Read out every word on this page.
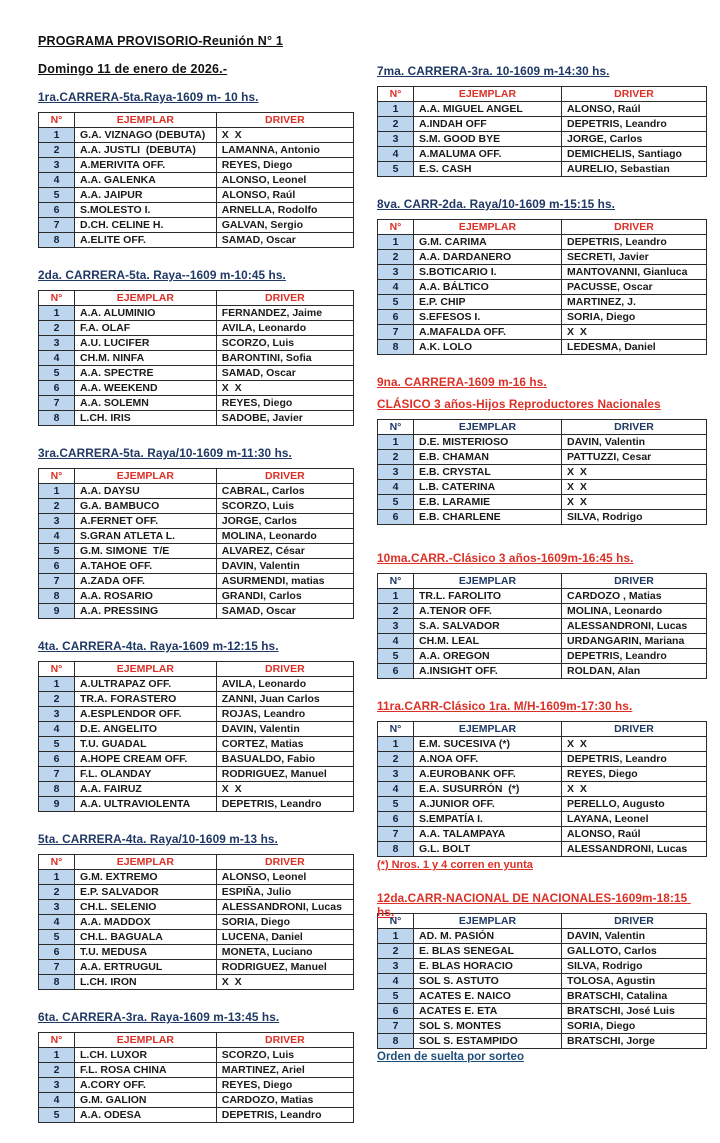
PROGRAMA PROVISORIO-Reunión N° 1
Domingo 11 de enero de 2026.-
1ra.CARRERA-5ta.Raya-1609 m- 10 hs.
N°	EJEMPLAR	DRIVER
1	G.A. VIZNAGO (DEBUTA)	X  X
2	A.A. JUSTLI  (DEBUTA)	LAMANNA, Antonio
3	A.MERIVITA OFF.	REYES, Diego
4	A.A. GALENKA	ALONSO, Leonel
5	A.A. JAIPUR	ALONSO, Raúl
6	S.MOLESTO I.	ARNELLA, Rodolfo
7	D.CH. CELINE H.	GALVAN, Sergio
8	A.ELITE OFF.	SAMAD, Oscar
2da. CARRERA-5ta. Raya--1609 m-10:45 hs.
N°	EJEMPLAR	DRIVER
1	A.A. ALUMINIO	FERNANDEZ, Jaime
2	F.A. OLAF	AVILA, Leonardo
3	A.U. LUCIFER	SCORZO, Luis
4	CH.M. NINFA	BARONTINI, Sofia
5	A.A. SPECTRE	SAMAD, Oscar
6	A.A. WEEKEND	X  X
7	A.A. SOLEMN	REYES, Diego
8	L.CH. IRIS	SADOBE, Javier
3ra.CARRERA-5ta. Raya/10-1609 m-11:30 hs.
N°	EJEMPLAR	DRIVER
1	A.A. DAYSU	CABRAL, Carlos
2	G.A. BAMBUCO	SCORZO, Luis
3	A.FERNET OFF.	JORGE, Carlos
4	S.GRAN ATLETA L.	MOLINA, Leonardo
5	G.M. SIMONE  T/E	ALVAREZ, César
6	A.TAHOE OFF.	DAVIN, Valentin
7	A.ZADA OFF.	ASURMENDI, matias
8	A.A. ROSARIO	GRANDI, Carlos
9	A.A. PRESSING	SAMAD, Oscar
4ta. CARRERA-4ta. Raya-1609 m-12:15 hs.
N°	EJEMPLAR	DRIVER
1	A.ULTRAPAZ OFF.	AVILA, Leonardo
2	TR.A. FORASTERO	ZANNI, Juan Carlos
3	A.ESPLENDOR OFF.	ROJAS, Leandro
4	D.E. ANGELITO	DAVIN, Valentin
5	T.U. GUADAL	CORTEZ, Matias
6	A.HOPE CREAM OFF.	BASUALDO, Fabio
7	F.L. OLANDAY	RODRIGUEZ, Manuel
8	A.A. FAIRUZ	X  X
9	A.A. ULTRAVIOLENTA	DEPETRIS, Leandro
5ta. CARRERA-4ta. Raya/10-1609 m-13 hs.
N°	EJEMPLAR	DRIVER
1	G.M. EXTREMO	ALONSO, Leonel
2	E.P. SALVADOR	ESPIÑA, Julio
3	CH.L. SELENIO	ALESSANDRONI, Lucas
4	A.A. MADDOX	SORIA, Diego
5	CH.L. BAGUALA	LUCENA, Daniel
6	T.U. MEDUSA	MONETA, Luciano
7	A.A. ERTRUGUL	RODRIGUEZ, Manuel
8	L.CH. IRON	X  X
6ta. CARRERA-3ra. Raya-1609 m-13:45 hs.
N°	EJEMPLAR	DRIVER
1	L.CH. LUXOR	SCORZO, Luis
2	F.L. ROSA CHINA	MARTINEZ, Ariel
3	A.CORY OFF.	REYES, Diego
4	G.M. GALION	CARDOZO, Matias
5	A.A. ODESA	DEPETRIS, Leandro
7ma. CARRERA-3ra. 10-1609 m-14:30 hs.
N°	EJEMPLAR	DRIVER
1	A.A. MIGUEL ANGEL	ALONSO, Raúl
2	A.INDAH OFF	DEPETRIS, Leandro
3	S.M. GOOD BYE	JORGE, Carlos
4	A.MALUMA OFF.	DEMICHELIS, Santiago
5	E.S. CASH	AURELIO, Sebastian
8va. CARR-2da. Raya/10-1609 m-15:15 hs.
N°	EJEMPLAR	DRIVER
1	G.M. CARIMA	DEPETRIS, Leandro
2	A.A. DARDANERO	SECRETI, Javier
3	S.BOTICARIO I.	MANTOVANNI, Gianluca
4	A.A. BÁLTICO	PACUSSE, Oscar
5	E.P. CHIP	MARTINEZ, J.
6	S.EFESOS I.	SORIA, Diego
7	A.MAFALDA OFF.	X  X
8	A.K. LOLO	LEDESMA, Daniel
9na. CARRERA-1609 m-16 hs.
CLÁSICO 3 años-Hijos Reproductores Nacionales
N°	EJEMPLAR	DRIVER
1	D.E. MISTERIOSO	DAVIN, Valentin
2	E.B. CHAMAN	PATTUZZI, Cesar
3	E.B. CRYSTAL	X  X
4	L.B. CATERINA	X  X
5	E.B. LARAMIE	X  X
6	E.B. CHARLENE	SILVA, Rodrigo
10ma.CARR.-Clásico 3 años-1609m-16:45 hs.
N°	EJEMPLAR	DRIVER
1	TR.L. FAROLITO	CARDOZO , Matias
2	A.TENOR OFF.	MOLINA, Leonardo
3	S.A. SALVADOR	ALESSANDRONI, Lucas
4	CH.M. LEAL	URDANGARIN, Mariana
5	A.A. OREGON	DEPETRIS, Leandro
6	A.INSIGHT OFF.	ROLDAN, Alan
11ra.CARR-Clásico 1ra. M/H-1609m-17:30 hs.
N°	EJEMPLAR	DRIVER
1	E.M. SUCESIVA (*)	X  X
2	A.NOA OFF.	DEPETRIS, Leandro
3	A.EUROBANK OFF.	REYES, Diego
4	E.A. SUSURRÓN  (*)	X  X
5	A.JUNIOR OFF.	PERELLO, Augusto
6	S.EMPATÍA I.	LAYANA, Leonel
7	A.A. TALAMPAYA	ALONSO, Raúl
8	G.L. BOLT	ALESSANDRONI, Lucas
(*) Nros. 1 y 4 corren en yunta
12da.CARR-NACIONAL DE NACIONALES-1609m-18:15 hs.
N°	EJEMPLAR	DRIVER
1	AD. M. PASIÓN	DAVIN, Valentin
2	E. BLAS SENEGAL	GALLOTO, Carlos
3	E. BLAS HORACIO	SILVA, Rodrigo
4	SOL S. ASTUTO	TOLOSA, Agustin
5	ACATES E. NAICO	BRATSCHI, Catalina
6	ACATES E. ETA	BRATSCHI, José Luis
7	SOL S. MONTES	SORIA, Diego
8	SOL S. ESTAMPIDO	BRATSCHI, Jorge
Orden de suelta por sorteo
